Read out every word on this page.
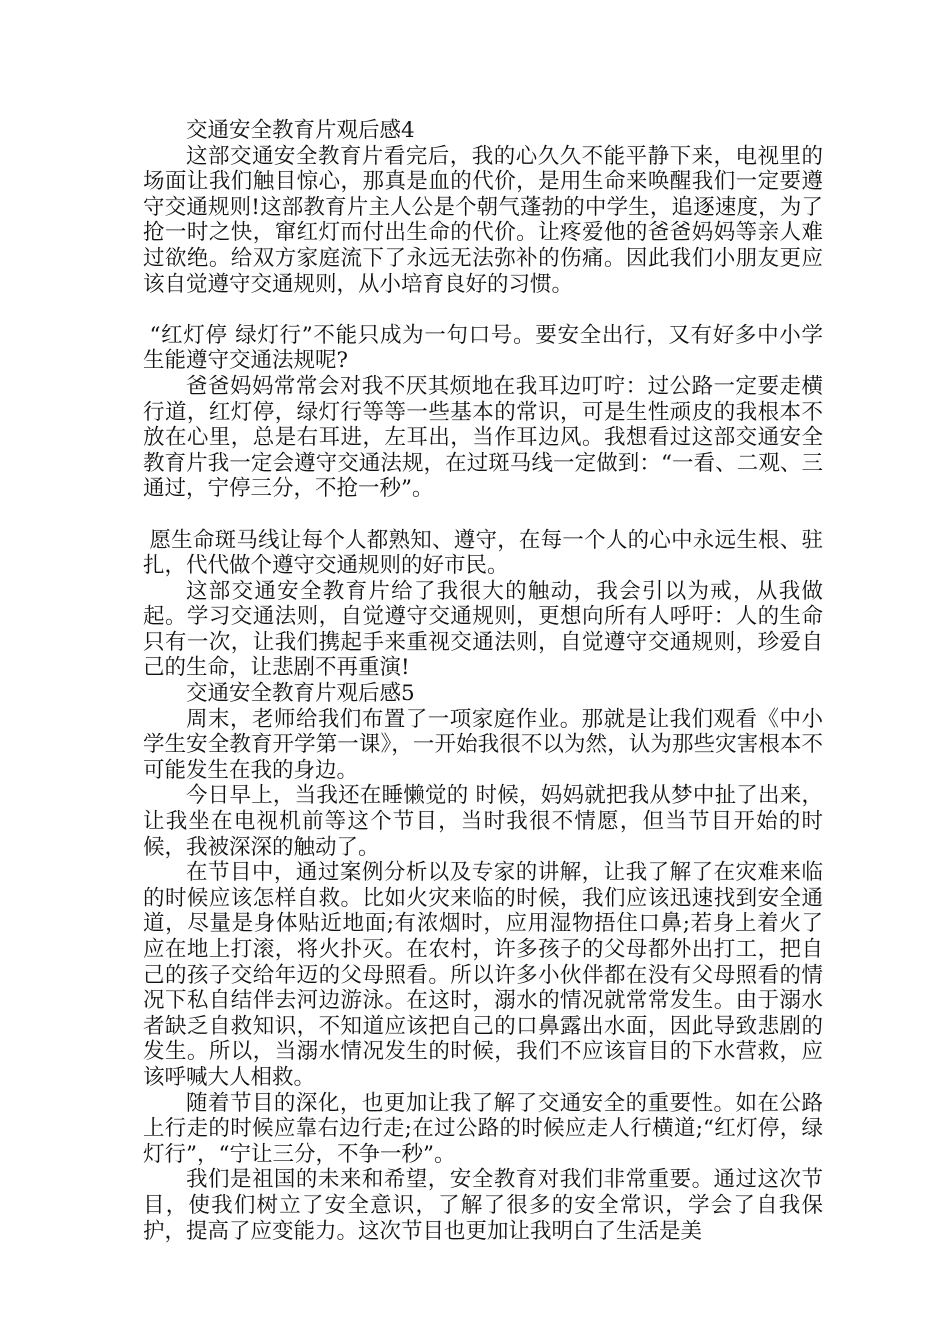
交通安全教育片观后感4

这部交通安全教育片看完后，我的心久久不能平静下来，电视里的场面让我们触目惊心，那真是血的代价，是用生命来唤醒我们一定要遵守交通规则!这部教育片主人公是个朝气蓬勃的中学生，追逐速度，为了抢一时之快，窜红灯而付出生命的代价。让疼爱他的爸爸妈妈等亲人难过欲绝。给双方家庭流下了永远无法弥补的伤痛。因此我们小朋友更应该自觉遵守交通规则，从小培育良好的习惯。

“红灯停 绿灯行”不能只成为一句口号。要安全出行，又有好多中小学生能遵守交通法规呢?

爸爸妈妈常常会对我不厌其烦地在我耳边叮咛：过公路一定要走横行道，红灯停，绿灯行等等一些基本的常识，可是生性顽皮的我根本不放在心里，总是右耳进，左耳出，当作耳边风。我想看过这部交通安全教育片我一定会遵守交通法规，在过斑马线一定做到：“一看、二观、三通过，宁停三分，不抢一秒”。

愿生命斑马线让每个人都熟知、遵守，在每一个人的心中永远生根、驻扎，代代做个遵守交通规则的好市民。

这部交通安全教育片给了我很大的触动，我会引以为戒，从我做起。学习交通法则，自觉遵守交通规则，更想向所有人呼吁：人的生命只有一次，让我们携起手来重视交通法则，自觉遵守交通规则，珍爱自己的生命，让悲剧不再重演!

交通安全教育片观后感5

周末，老师给我们布置了一项家庭作业。那就是让我们观看《中小学生安全教育开学第一课》，一开始我很不以为然，认为那些灾害根本不可能发生在我的身边。

今日早上，当我还在睡懒觉的 时候，妈妈就把我从梦中扯了出来，让我坐在电视机前等这个节目，当时我很不情愿，但当节目开始的时候，我被深深的触动了。

在节目中，通过案例分析以及专家的讲解，让我了解了在灾难来临的时候应该怎样自救。比如火灾来临的时候，我们应该迅速找到安全通道，尽量是身体贴近地面;有浓烟时，应用湿物捂住口鼻;若身上着火了应在地上打滚，将火扑灭。在农村，许多孩子的父母都外出打工，把自己的孩子交给年迈的父母照看。所以许多小伙伴都在没有父母照看的情况下私自结伴去河边游泳。在这时，溺水的情况就常常发生。由于溺水者缺乏自救知识，不知道应该把自己的口鼻露出水面，因此导致悲剧的发生。所以，当溺水情况发生的时候，我们不应该盲目的下水营救，应该呼喊大人相救。

随着节目的深化，也更加让我了解了交通安全的重要性。如在公路上行走的时候应靠右边行走;在过公路的时候应走人行横道;“红灯停，绿灯行”，“宁让三分，不争一秒”。

我们是祖国的未来和希望，安全教育对我们非常重要。通过这次节目，使我们树立了安全意识，了解了很多的安全常识，学会了自我保护，提高了应变能力。这次节目也更加让我明白了生活是美
